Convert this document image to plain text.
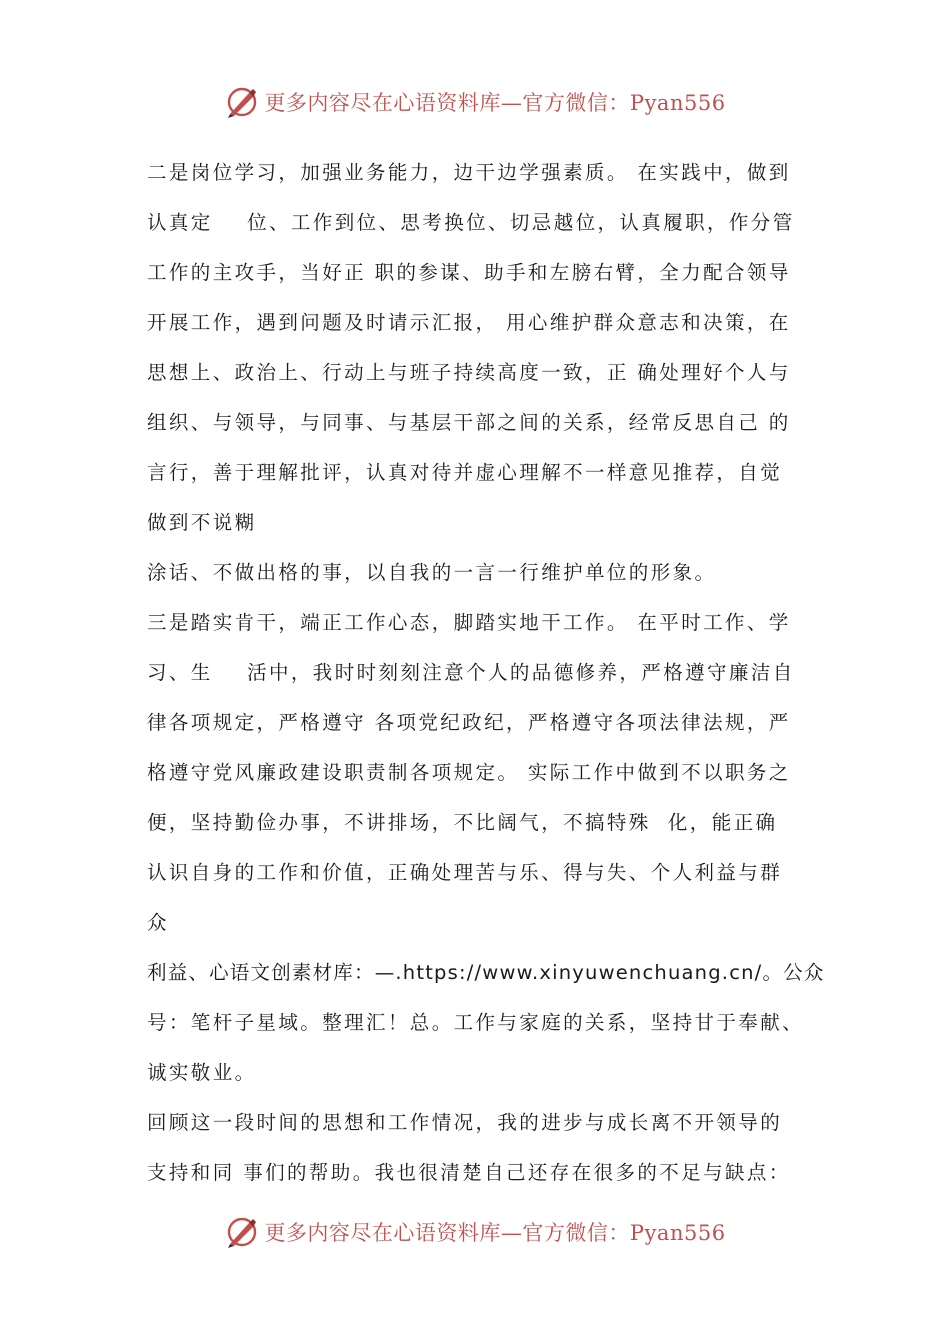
更多内容尽在心语资料库—官方微信：Pyan556
二是岗位学习，加强业务能力，边干边学强素质。 在实践中，做到
认真定    位、工作到位、思考换位、切忌越位，认真履职，作分管
工作的主攻手，当好正 职的参谋、助手和左膀右臂，全力配合领导
开展工作，遇到问题及时请示汇报， 用心维护群众意志和决策，在
思想上、政治上、行动上与班子持续高度一致，正 确处理好个人与
组织、与领导，与同事、与基层干部之间的关系，经常反思自己 的
言行，善于理解批评，认真对待并虚心理解不一样意见推荐，自觉
做到不说糊
涂话、不做出格的事，以自我的一言一行维护单位的形象。
三是踏实肯干，端正工作心态，脚踏实地干工作。 在平时工作、学
习、生    活中，我时时刻刻注意个人的品德修养，严格遵守廉洁自
律各项规定，严格遵守 各项党纪政纪，严格遵守各项法律法规，严
格遵守党风廉政建设职责制各项规定。 实际工作中做到不以职务之
便，坚持勤俭办事，不讲排场，不比阔气，不搞特殊  化，能正确
认识自身的工作和价值，正确处理苦与乐、得与失、个人利益与群
众
利益、心语文创素材库：—.https://www.xinyuwenchuang.cn/。公众
号：笔杆子星域。整理汇！总。工作与家庭的关系，坚持甘于奉献、
诚实敬业。
回顾这一段时间的思想和工作情况，我的进步与成长离不开领导的
支持和同 事们的帮助。我也很清楚自己还存在很多的不足与缺点：
更多内容尽在心语资料库—官方微信：Pyan556
